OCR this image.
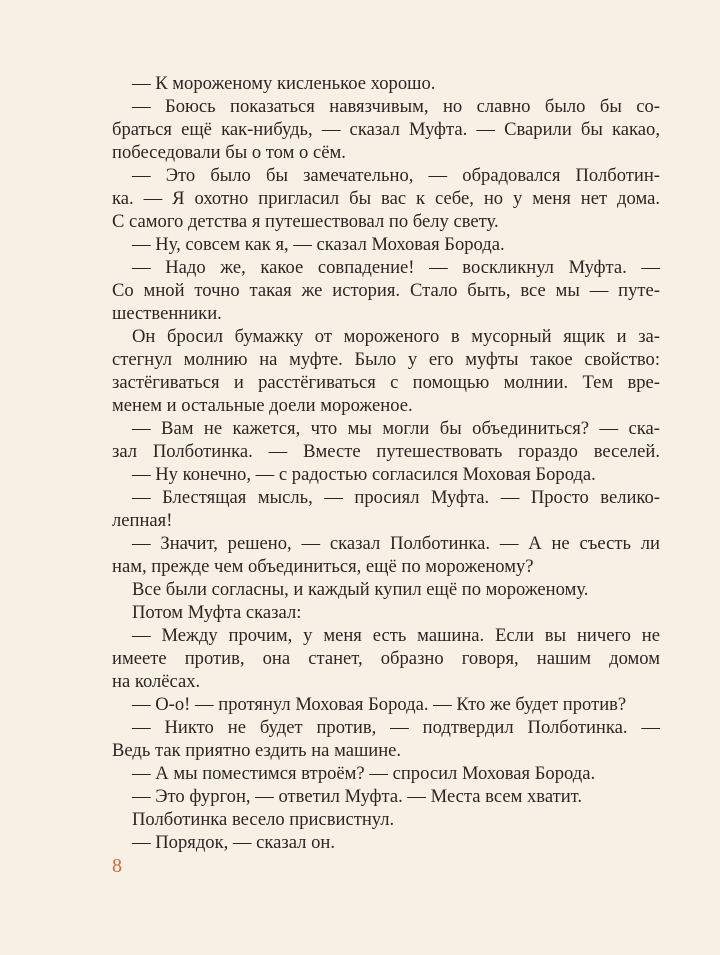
— К мороженому кисленькое хорошо.
— Боюсь показаться навязчивым, но славно было бы со-
браться ещё как-нибудь, — сказал Муфта. — Сварили бы какао,
побеседовали бы о том о сём.
— Это было бы замечательно, — обрадовался Полботин-
ка. — Я охотно пригласил бы вас к себе, но у меня нет дома.
С самого детства я путешествовал по белу свету.
— Ну, совсем как я, — сказал Моховая Борода.
— Надо же, какое совпадение! — воскликнул Муфта. —
Со мной точно такая же история. Стало быть, все мы — путе-
шественники.
Он бросил бумажку от мороженого в мусорный ящик и за-
стегнул молнию на муфте. Было у его муфты такое свойство:
застёгиваться и расстёгиваться с помощью молнии. Тем вре-
менем и остальные доели мороженое.
— Вам не кажется, что мы могли бы объединиться? — ска-
зал Полботинка. — Вместе путешествовать гораздо веселей.
— Ну конечно, — с радостью согласился Моховая Борода.
— Блестящая мысль, — просиял Муфта. — Просто велико-
лепная!
— Значит, решено, — сказал Полботинка. — А не съесть ли
нам, прежде чем объединиться, ещё по мороженому?
Все были согласны, и каждый купил ещё по мороженому.
Потом Муфта сказал:
— Между прочим, у меня есть машина. Если вы ничего не
имеете против, она станет, образно говоря, нашим домом
на колёсах.
— О-о! — протянул Моховая Борода. — Кто же будет против?
— Никто не будет против, — подтвердил Полботинка. —
Ведь так приятно ездить на машине.
— А мы поместимся втроём? — спросил Моховая Борода.
— Это фургон, — ответил Муфта. — Места всем хватит.
Полботинка весело присвистнул.
— Порядок, — сказал он.
8
